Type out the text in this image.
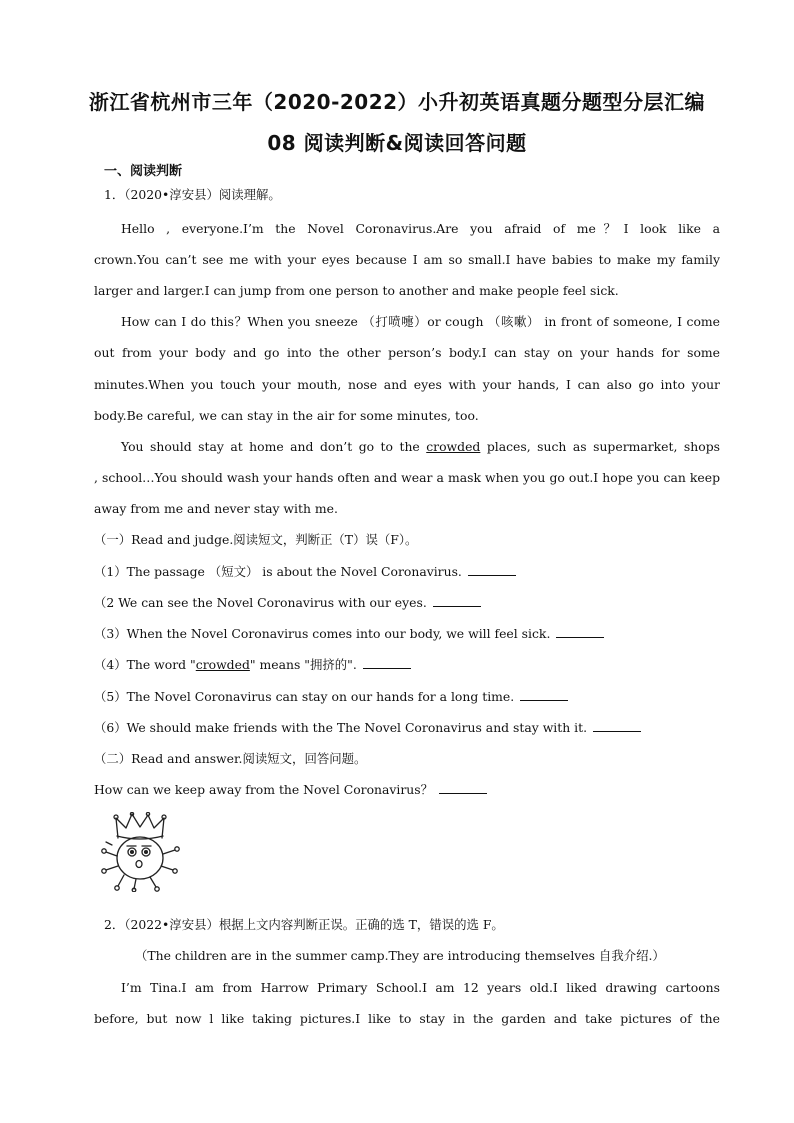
浙江省杭州市三年（2020-2022）小升初英语真题分题型分层汇编
08 阅读判断&阅读回答问题
一、阅读判断
1．（2020•淳安县）阅读理解。
Hello , everyone.I’m the Novel Coronavirus.Are you afraid of me？I look like a
crown.You can’t see me with your eyes because I am so small.I have babies to make my family
larger and larger.I can jump from one person to another and make people feel sick.
How can I do this？When you sneeze （打喷嚏）or cough （咳嗽） in front of someone, I come
out from your body and go into the other person’s body.I can stay on your hands for some
minutes.When you touch your mouth, nose and eyes with your hands, I can also go into your
body.Be careful, we can stay in the air for some minutes, too.
You should stay at home and don’t go to the crowded places, such as supermarket, shops
, school…You should wash your hands often and wear a mask when you go out.I hope you can keep
away from me and never stay with me.
（一）Read and judge.阅读短文，判断正（T）误（F）。
（1）The passage （短文） is about the Novel Coronavirus.
（2 We can see the Novel Coronavirus with our eyes.
（3）When the Novel Coronavirus comes into our body, we will feel sick.
（4）The word "crowded" means "拥挤的".
（5）The Novel Coronavirus can stay on our hands for a long time.
（6）We should make friends with the The Novel Coronavirus and stay with it.
（二）Read and answer.阅读短文，回答问题。
How can we keep away from the Novel Coronavirus？
2．（2022•淳安县）根据上文内容判断正误。正确的选 T，错误的选 F。
（The children are in the summer camp.They are introducing themselves 自我介绍.）
I’m Tina.I am from Harrow Primary School.I am 12 years old.I liked drawing cartoons
before, but now l like taking pictures.I like to stay in the garden and take pictures of the
